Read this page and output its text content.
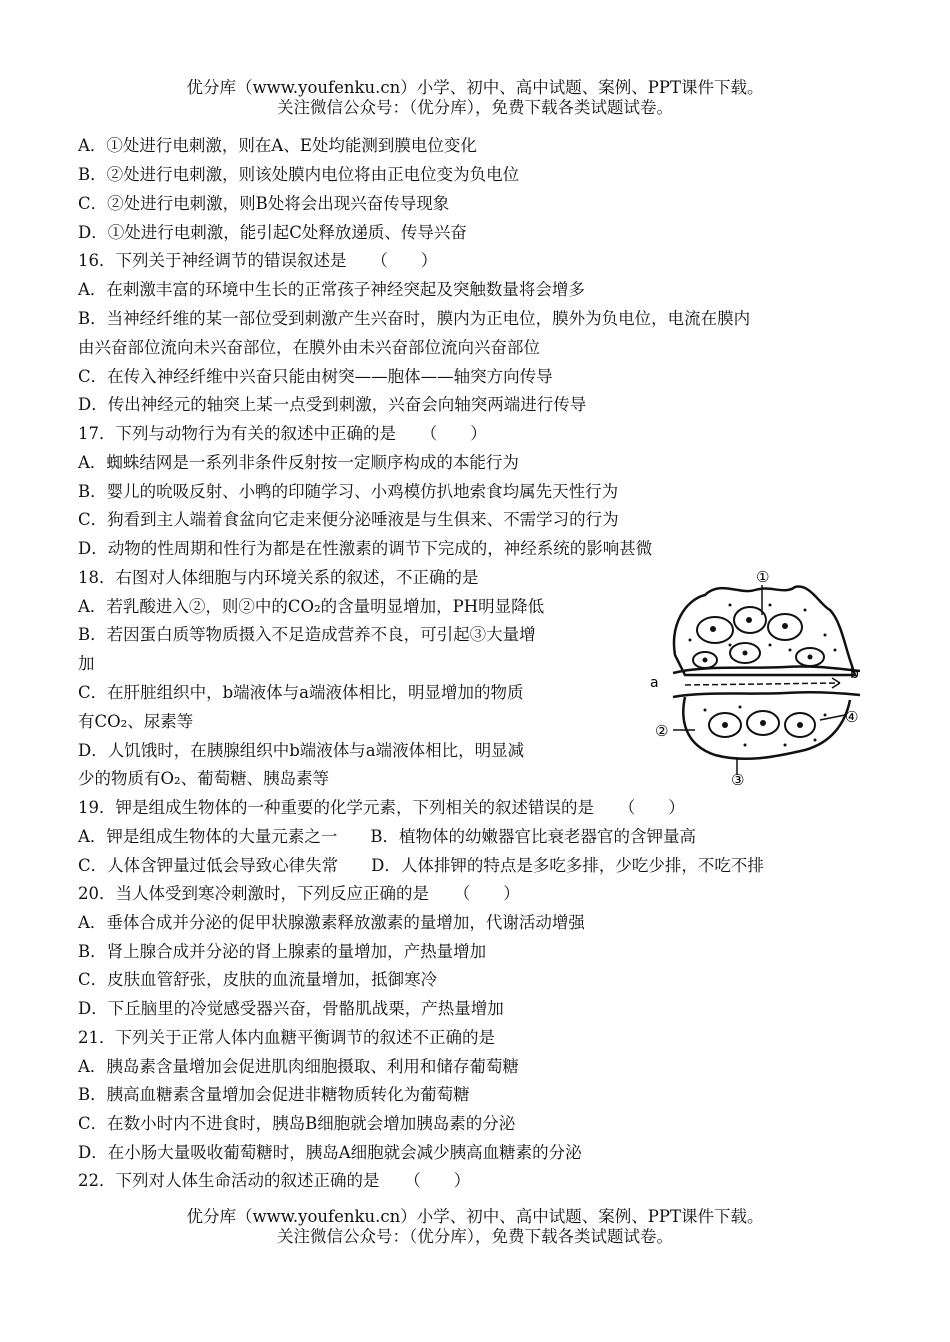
优分库（www.youfenku.cn）小学、初中、高中试题、案例、PPT课件下载。
关注微信公众号：（优分库），免费下载各类试题试卷。
A．①处进行电刺激，则在A、E处均能测到膜电位变化
B．②处进行电刺激，则该处膜内电位将由正电位变为负电位
C．②处进行电刺激，则B处将会出现兴奋传导现象
D．①处进行电刺激，能引起C处释放递质、传导兴奋
16．下列关于神经调节的错误叙述是　　（　　）
A．在刺激丰富的环境中生长的正常孩子神经突起及突触数量将会增多
B．当神经纤维的某一部位受到刺激产生兴奋时，膜内为正电位，膜外为负电位，电流在膜内
由兴奋部位流向未兴奋部位，在膜外由未兴奋部位流向兴奋部位
C．在传入神经纤维中兴奋只能由树突——胞体——轴突方向传导
D．传出神经元的轴突上某一点受到刺激，兴奋会向轴突两端进行传导
17．下列与动物行为有关的叙述中正确的是　　（　　）
A．蜘蛛结网是一系列非条件反射按一定顺序构成的本能行为
B．婴儿的吮吸反射、小鸭的印随学习、小鸡模仿扒地索食均属先天性行为
C．狗看到主人端着食盆向它走来便分泌唾液是与生俱来、不需学习的行为
D．动物的性周期和性行为都是在性激素的调节下完成的，神经系统的影响甚微
18．右图对人体细胞与内环境关系的叙述，不正确的是
A．若乳酸进入②，则②中的CO₂的含量明显增加，PH明显降低
B．若因蛋白质等物质摄入不足造成营养不良，可引起③大量增
加
C．在肝脏组织中，b端液体与a端液体相比，明显增加的物质
有CO₂、尿素等
D．人饥饿时，在胰腺组织中b端液体与a端液体相比，明显减
少的物质有O₂、葡萄糖、胰岛素等
①
②
③
④
a
b
19．钾是组成生物体的一种重要的化学元素，下列相关的叙述错误的是　　（　　）
A．钾是组成生物体的大量元素之一　　B．植物体的幼嫩器官比衰老器官的含钾量高
C．人体含钾量过低会导致心律失常　　D．人体排钾的特点是多吃多排，少吃少排，不吃不排
20．当人体受到寒冷刺激时，下列反应正确的是　　（　　）
A．垂体合成并分泌的促甲状腺激素释放激素的量增加，代谢活动增强
B．肾上腺合成并分泌的肾上腺素的量增加，产热量增加
C．皮肤血管舒张，皮肤的血流量增加，抵御寒冷
D．下丘脑里的冷觉感受器兴奋，骨骼肌战栗，产热量增加
21．下列关于正常人体内血糖平衡调节的叙述不正确的是
A．胰岛素含量增加会促进肌肉细胞摄取、利用和储存葡萄糖
B．胰高血糖素含量增加会促进非糖物质转化为葡萄糖
C．在数小时内不进食时，胰岛B细胞就会增加胰岛素的分泌
D．在小肠大量吸收葡萄糖时，胰岛A细胞就会减少胰高血糖素的分泌
22．下列对人体生命活动的叙述正确的是　　（　　）
优分库（www.youfenku.cn）小学、初中、高中试题、案例、PPT课件下载。
关注微信公众号：（优分库），免费下载各类试题试卷。
